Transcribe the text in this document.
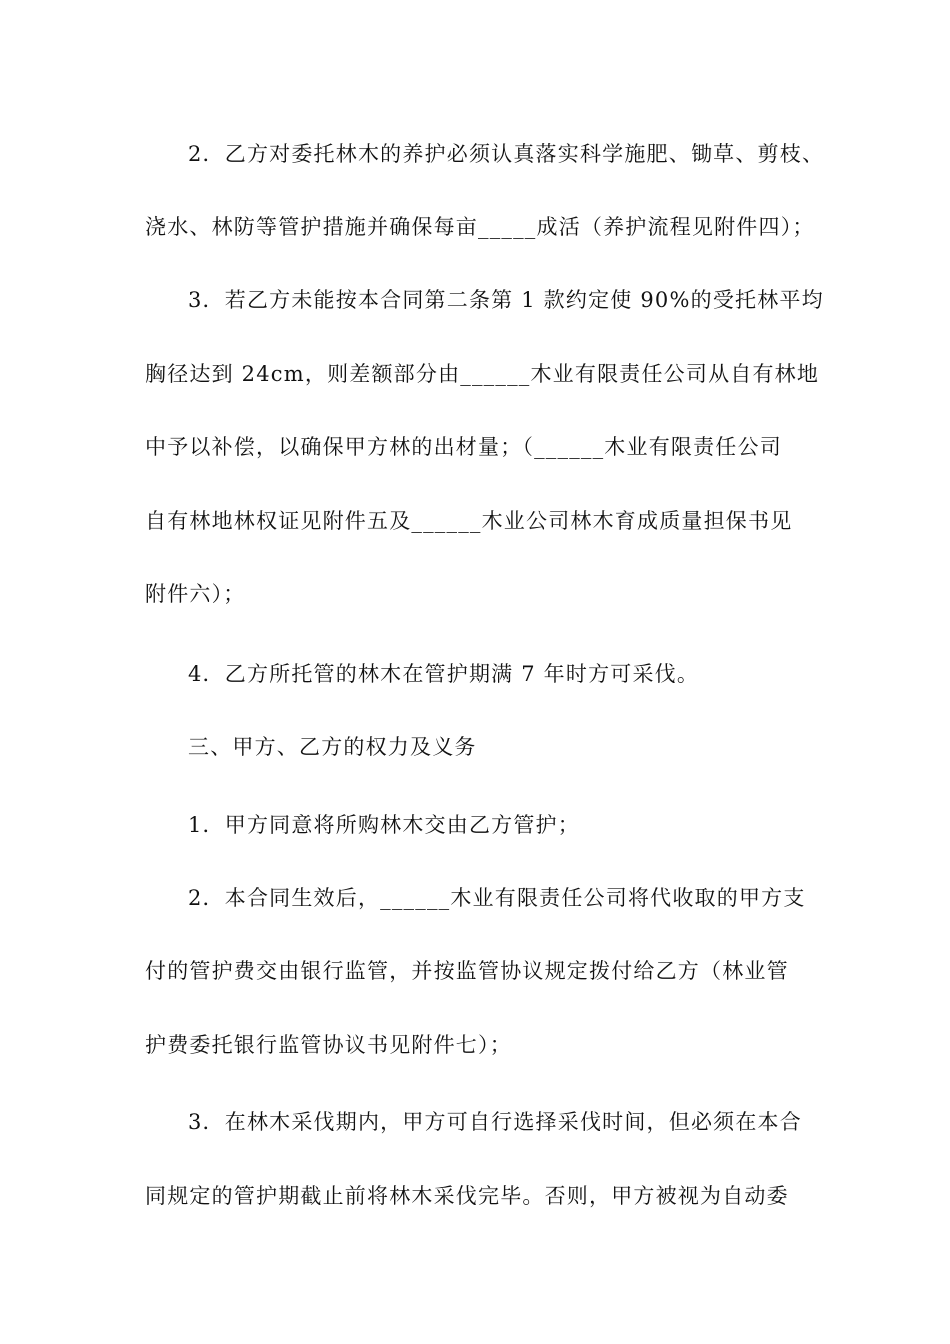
2．乙方对委托林木的养护必须认真落实科学施肥、锄草、剪枝、
浇水、林防等管护措施并确保每亩_____成活（养护流程见附件四）；
3．若乙方未能按本合同第二条第 1 款约定使 90%的受托林平均
胸径达到 24cm，则差额部分由______木业有限责任公司从自有林地
中予以补偿，以确保甲方林的出材量；（______木业有限责任公司
自有林地林权证见附件五及______木业公司林木育成质量担保书见
附件六）；
4．乙方所托管的林木在管护期满 7 年时方可采伐。
三、甲方、乙方的权力及义务
1．甲方同意将所购林木交由乙方管护；
2．本合同生效后，______木业有限责任公司将代收取的甲方支
付的管护费交由银行监管，并按监管协议规定拨付给乙方（林业管
护费委托银行监管协议书见附件七）；
3．在林木采伐期内，甲方可自行选择采伐时间，但必须在本合
同规定的管护期截止前将林木采伐完毕。否则，甲方被视为自动委
